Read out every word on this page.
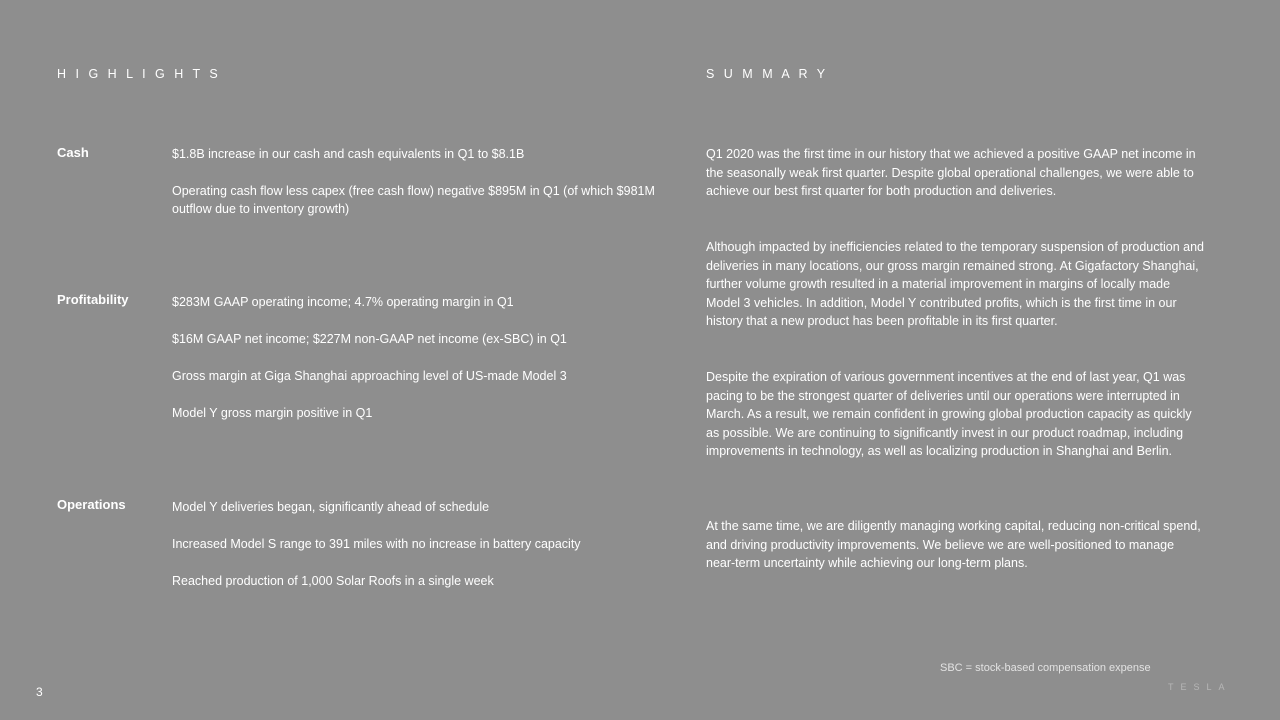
H I G H L I G H T S	S U M M A R Y
Cash	$1.8B increase in our cash and cash equivalents in Q1 to $8.1B
Operating cash flow less capex (free cash flow) negative $895M in Q1 (of which $981M outflow due to inventory growth)
Profitability	$283M GAAP operating income; 4.7% operating margin in Q1
$16M GAAP net income; $227M non-GAAP net income (ex-SBC) in Q1
Gross margin at Giga Shanghai approaching level of US-made Model 3
Model Y gross margin positive in Q1
Operations	Model Y deliveries began, significantly ahead of schedule
Increased Model S range to 391 miles with no increase in battery capacity
Reached production of 1,000 Solar Roofs in a single week
Q1 2020 was the first time in our history that we achieved a positive GAAP net income in the seasonally weak first quarter. Despite global operational challenges, we were able to achieve our best first quarter for both production and deliveries.
Although impacted by inefficiencies related to the temporary suspension of production and deliveries in many locations, our gross margin remained strong. At Gigafactory Shanghai, further volume growth resulted in a material improvement in margins of locally made Model 3 vehicles. In addition, Model Y contributed profits, which is the first time in our history that a new product has been profitable in its first quarter.
Despite the expiration of various government incentives at the end of last year, Q1 was pacing to be the strongest quarter of deliveries until our operations were interrupted in March. As a result, we remain confident in growing global production capacity as quickly as possible. We are continuing to significantly invest in our product roadmap, including improvements in technology, as well as localizing production in Shanghai and Berlin.
At the same time, we are diligently managing working capital, reducing non-critical spend, and driving productivity improvements. We believe we are well-positioned to manage near-term uncertainty while achieving our long-term plans.
SBC = stock-based compensation expense
3	TESLA
